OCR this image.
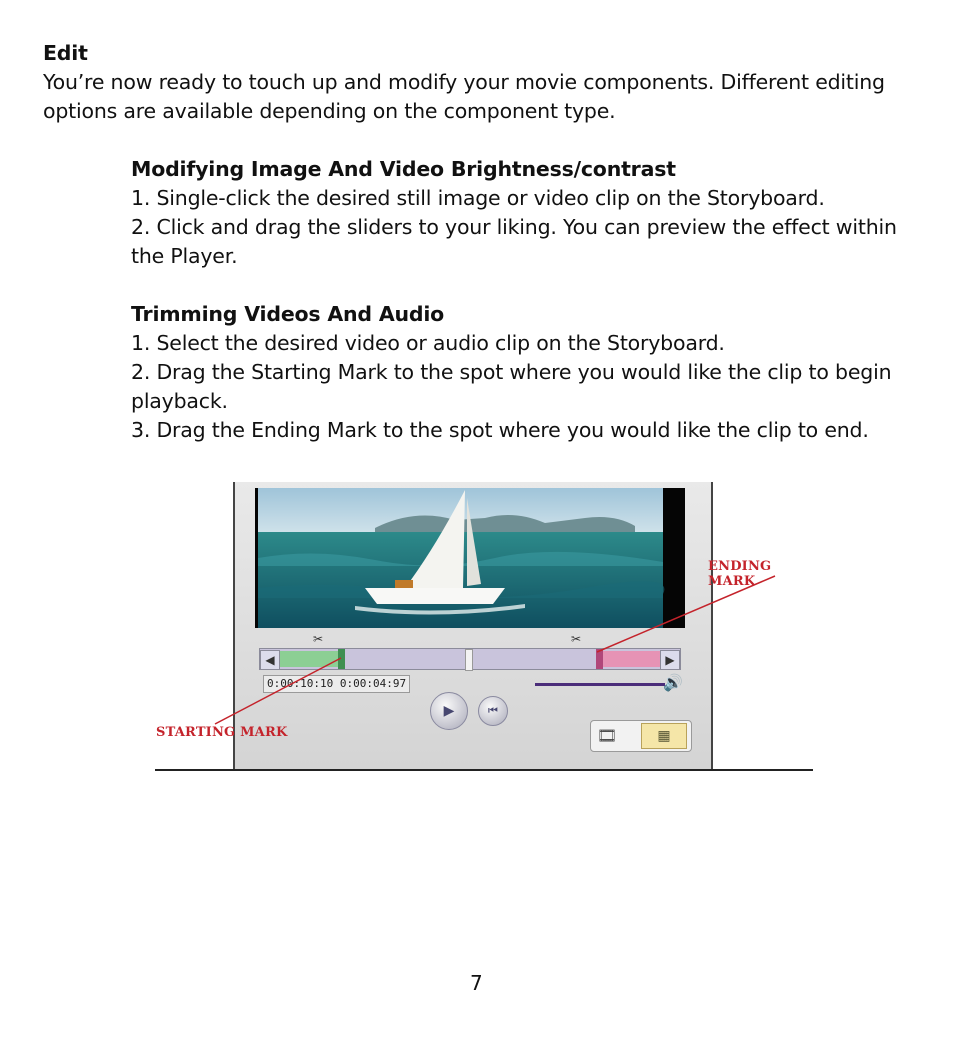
Edit
You’re now ready to touch up and modify your movie components. Different editing
options are available depending on the component type.
Modifying Image And Video Brightness/contrast
1. Single-click the desired still image or video clip on the Storyboard.
2. Click and drag the sliders to your liking. You can preview the effect within
the Player.
Trimming Videos And Audio
1. Select the desired video or audio clip on the Storyboard.
2. Drag the Starting Mark to the spot where you would like the clip to begin
playback.
3. Drag the Ending Mark to the spot where you would like the clip to end.
✂	✂
◀	▶
0:00:10:10 0:00:04:97	🔊
▶	⏮
🎞	▦
ENDING MARK
STARTING MARK
7
